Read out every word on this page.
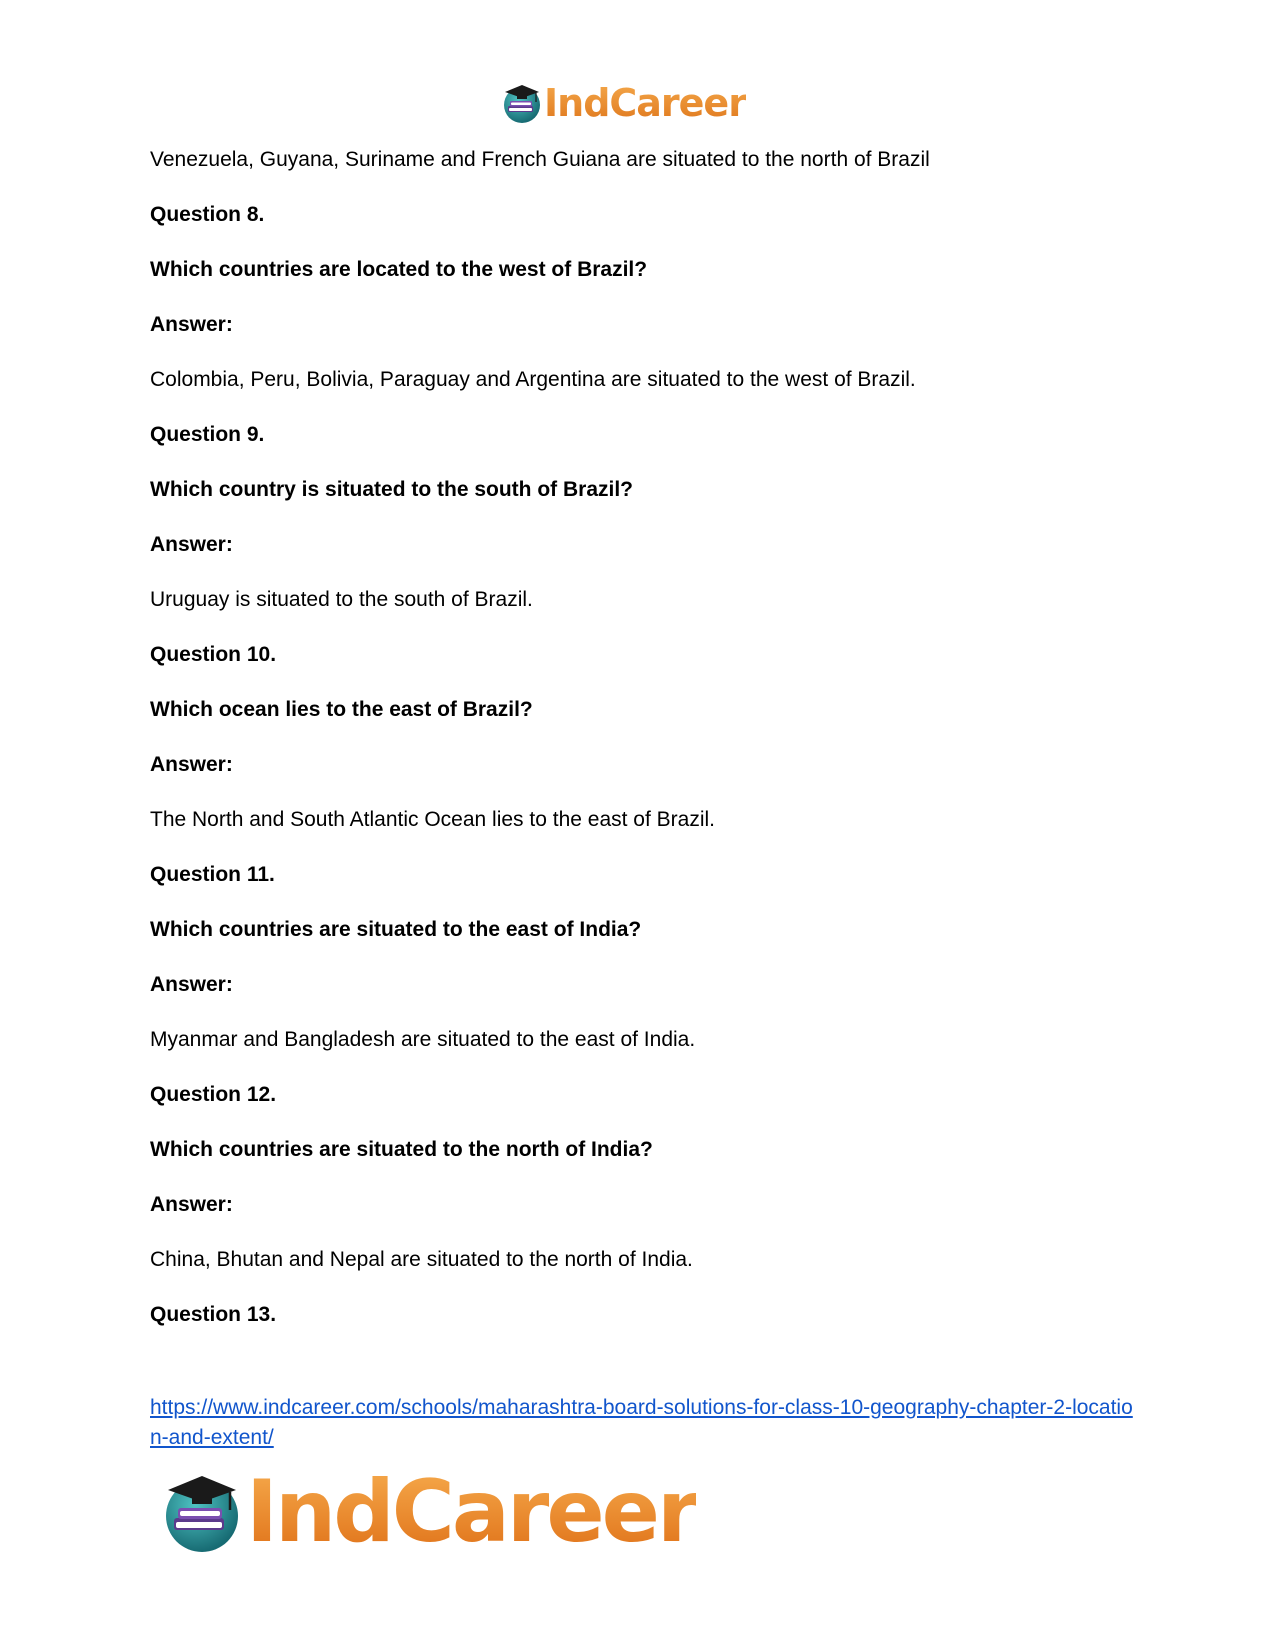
IndCareer

Venezuela, Guyana, Suriname and French Guiana are situated to the north of Brazil

Question 8.

Which countries are located to the west of Brazil?

Answer:

Colombia, Peru, Bolivia, Paraguay and Argentina are situated to the west of Brazil.

Question 9.

Which country is situated to the south of Brazil?

Answer:

Uruguay is situated to the south of Brazil.

Question 10.

Which ocean lies to the east of Brazil?

Answer:

The North and South Atlantic Ocean lies to the east of Brazil.

Question 11.

Which countries are situated to the east of India?

Answer:

Myanmar and Bangladesh are situated to the east of India.

Question 12.

Which countries are situated to the north of India?

Answer:

China, Bhutan and Nepal are situated to the north of India.

Question 13.

https://www.indcareer.com/schools/maharashtra-board-solutions-for-class-10-geography-chapter-2-location-and-extent/
IndCareer
